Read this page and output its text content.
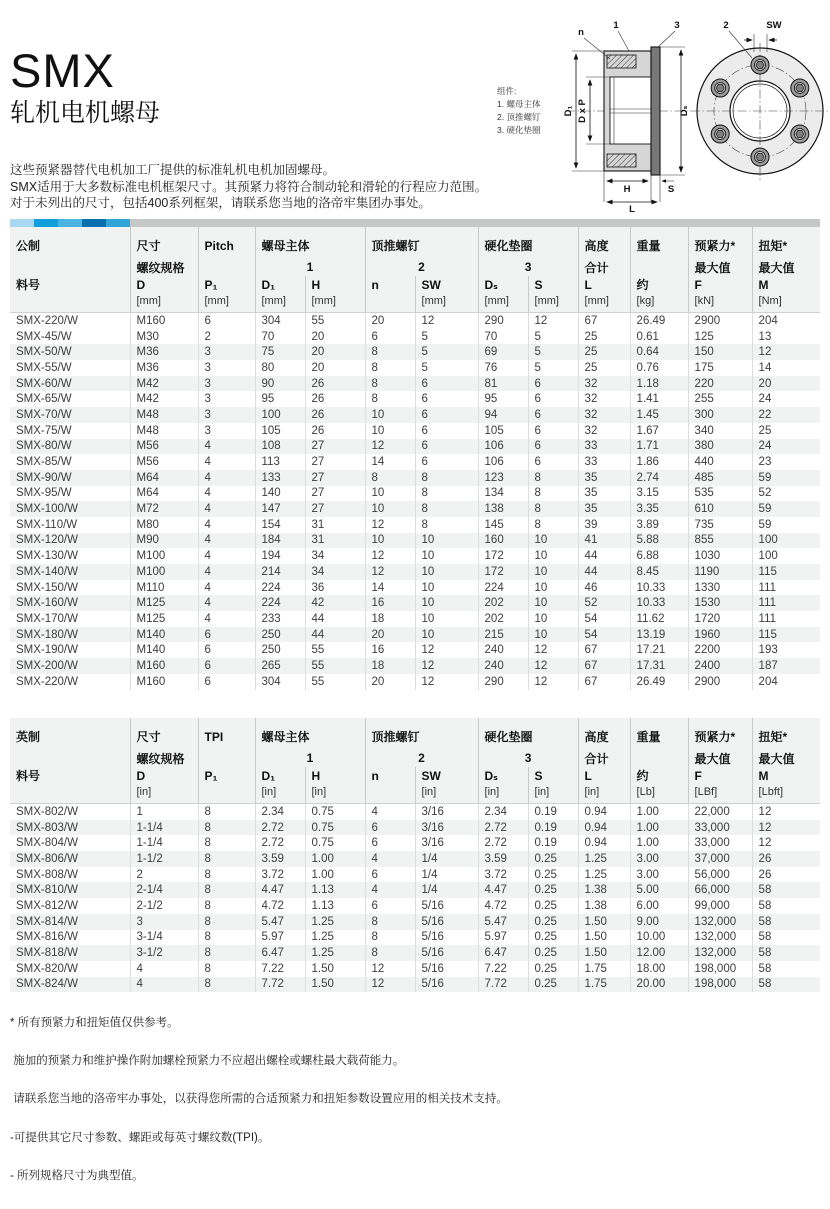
SMX
轧机电机螺母
这些预紧器替代电机加工厂提供的标准轧机电机加固螺母。
SMX适用于大多数标准电机框架尺寸。其预紧力将符合制动轮和滑轮的行程应力范围。
对于未列出的尺寸，包括400系列框架，请联系您当地的洛帝牢集团办事处。
组件:
1. 螺母主体
2. 顶推螺钉
3. 硬化垫圈
D₁ D x P	Dₛ
n
1	3
H	S
L
2	SW
公制	尺寸	Pitch	螺母主体		顶推螺钉		硬化垫圈		高度	重量	预紧力*	扭矩*
	螺纹规格		1		2		3		合计		最大值	最大值
料号	D	P₁	D₁	H	n	SW	Dₛ	S	L	约	F	M
	[mm]	[mm]	[mm]	[mm]		[mm]	[mm]	[mm]	[mm]	[kg]	[kN]	[Nm]
SMX-220/W	M160	6	304	55	20	12	290	12	67	26.49	2900	204
SMX-45/W	M30	2	70	20	6	5	70	5	25	0.61	125	13
SMX-50/W	M36	3	75	20	8	5	69	5	25	0.64	150	12
SMX-55/W	M36	3	80	20	8	5	76	5	25	0.76	175	14
SMX-60/W	M42	3	90	26	8	6	81	6	32	1.18	220	20
SMX-65/W	M42	3	95	26	8	6	95	6	32	1.41	255	24
SMX-70/W	M48	3	100	26	10	6	94	6	32	1.45	300	22
SMX-75/W	M48	3	105	26	10	6	105	6	32	1.67	340	25
SMX-80/W	M56	4	108	27	12	6	106	6	33	1.71	380	24
SMX-85/W	M56	4	113	27	14	6	106	6	33	1.86	440	23
SMX-90/W	M64	4	133	27	8	8	123	8	35	2.74	485	59
SMX-95/W	M64	4	140	27	10	8	134	8	35	3.15	535	52
SMX-100/W	M72	4	147	27	10	8	138	8	35	3.35	610	59
SMX-110/W	M80	4	154	31	12	8	145	8	39	3.89	735	59
SMX-120/W	M90	4	184	31	10	10	160	10	41	5.88	855	100
SMX-130/W	M100	4	194	34	12	10	172	10	44	6.88	1030	100
SMX-140/W	M100	4	214	34	12	10	172	10	44	8.45	1190	115
SMX-150/W	M110	4	224	36	14	10	224	10	46	10.33	1330	111
SMX-160/W	M125	4	224	42	16	10	202	10	52	10.33	1530	111
SMX-170/W	M125	4	233	44	18	10	202	10	54	11.62	1720	111
SMX-180/W	M140	6	250	44	20	10	215	10	54	13.19	1960	115
SMX-190/W	M140	6	250	55	16	12	240	12	67	17.21	2200	193
SMX-200/W	M160	6	265	55	18	12	240	12	67	17.31	2400	187
SMX-220/W	M160	6	304	55	20	12	290	12	67	26.49	2900	204
英制	尺寸	TPI	螺母主体		顶推螺钉		硬化垫圈		高度	重量	预紧力*	扭矩*
	螺纹规格		1		2		3		合计		最大值	最大值
料号	D	P₁	D₁	H	n	SW	Dₛ	S	L	约	F	M
	[in]		[in]	[in]		[in]	[in]	[in]	[in]	[Lb]	[LBf]	[Lbft]
SMX-802/W	1	8	2.34	0.75	4	3/16	2.34	0.19	0.94	1.00	22,000	12
SMX-803/W	1-1/4	8	2.72	0.75	6	3/16	2.72	0.19	0.94	1.00	33,000	12
SMX-804/W	1-1/4	8	2.72	0.75	6	3/16	2.72	0.19	0.94	1.00	33,000	12
SMX-806/W	1-1/2	8	3.59	1.00	4	1/4	3.59	0.25	1.25	3.00	37,000	26
SMX-808/W	2	8	3.72	1.00	6	1/4	3.72	0.25	1.25	3.00	56,000	26
SMX-810/W	2-1/4	8	4.47	1.13	4	1/4	4.47	0.25	1.38	5.00	66,000	58
SMX-812/W	2-1/2	8	4.72	1.13	6	5/16	4.72	0.25	1.38	6.00	99,000	58
SMX-814/W	3	8	5.47	1.25	8	5/16	5.47	0.25	1.50	9.00	132,000	58
SMX-816/W	3-1/4	8	5.97	1.25	8	5/16	5.97	0.25	1.50	10.00	132,000	58
SMX-818/W	3-1/2	8	6.47	1.25	8	5/16	6.47	0.25	1.50	12.00	132,000	58
SMX-820/W	4	8	7.22	1.50	12	5/16	7.22	0.25	1.75	18.00	198,000	58
SMX-824/W	4	8	7.72	1.50	12	5/16	7.72	0.25	1.75	20.00	198,000	58

* 所有预紧力和扭矩值仅供参考。

施加的预紧力和维护操作附加螺栓预紧力不应超出螺栓或螺柱最大载荷能力。

请联系您当地的洛帝牢办事处，以获得您所需的合适预紧力和扭矩参数设置应用的相关技术支持。

-可提供其它尺寸参数、螺距或每英寸螺纹数(TPI)。

- 所列规格尺寸为典型值。
